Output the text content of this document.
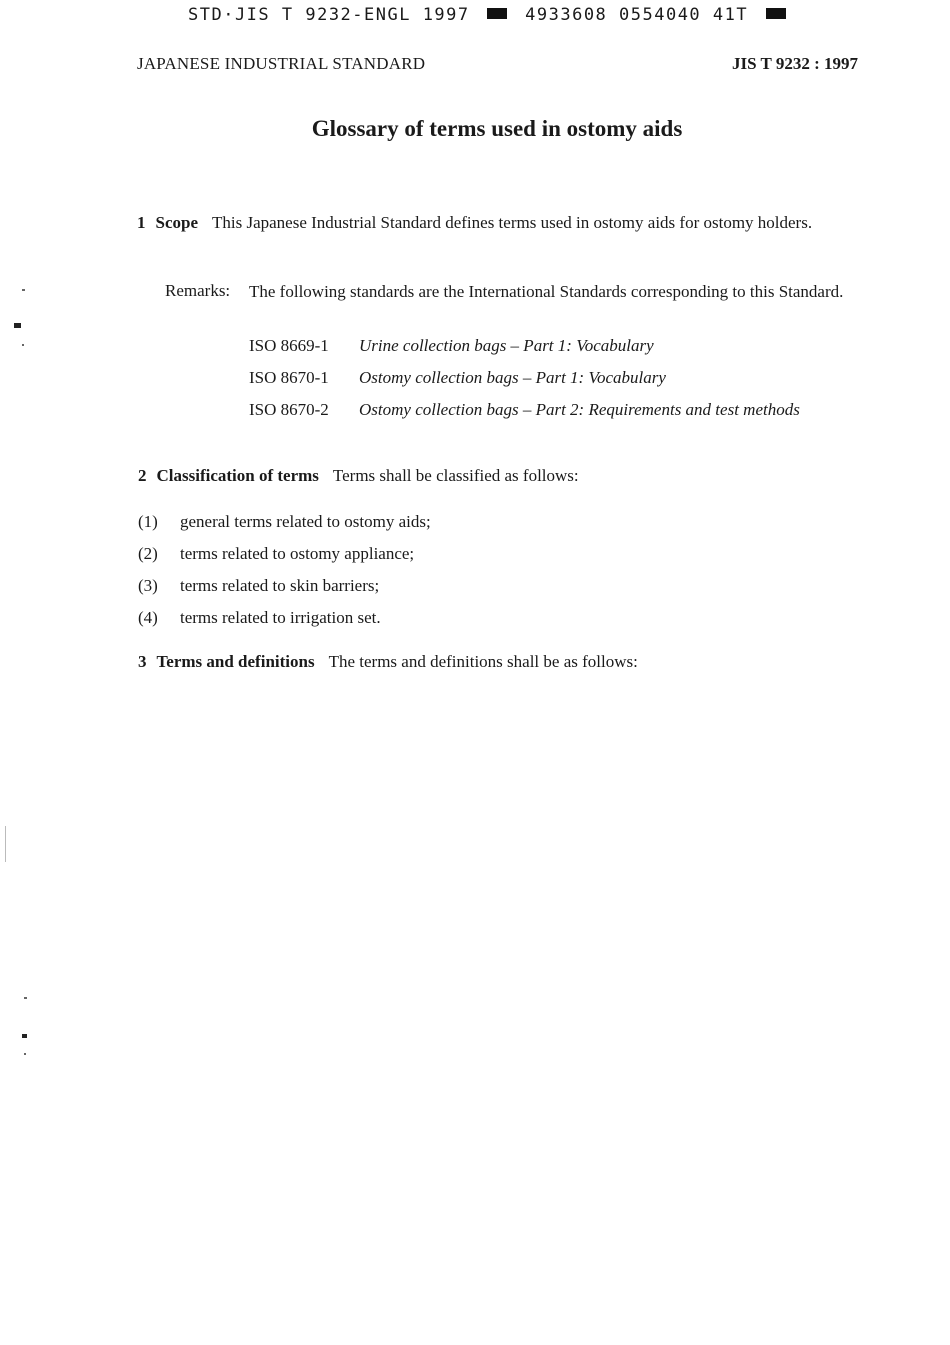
STD·JIS T 9232-ENGL 1997	4933608 0554040 41T
JAPANESE INDUSTRIAL STANDARD	JIS T 9232 : 1997
Glossary of terms used in ostomy aids
1 Scope This Japanese Industrial Standard defines terms used in ostomy aids for ostomy holders.
Remarks: The following standards are the International Standards corresponding to this Standard.
ISO 8669-1 Urine collection bags – Part 1: Vocabulary
ISO 8670-1 Ostomy collection bags – Part 1: Vocabulary
ISO 8670-2 Ostomy collection bags – Part 2: Requirements and test methods
2 Classification of terms Terms shall be classified as follows:
(1) general terms related to ostomy aids;
(2) terms related to ostomy appliance;
(3) terms related to skin barriers;
(4) terms related to irrigation set.
3 Terms and definitions The terms and definitions shall be as follows:
